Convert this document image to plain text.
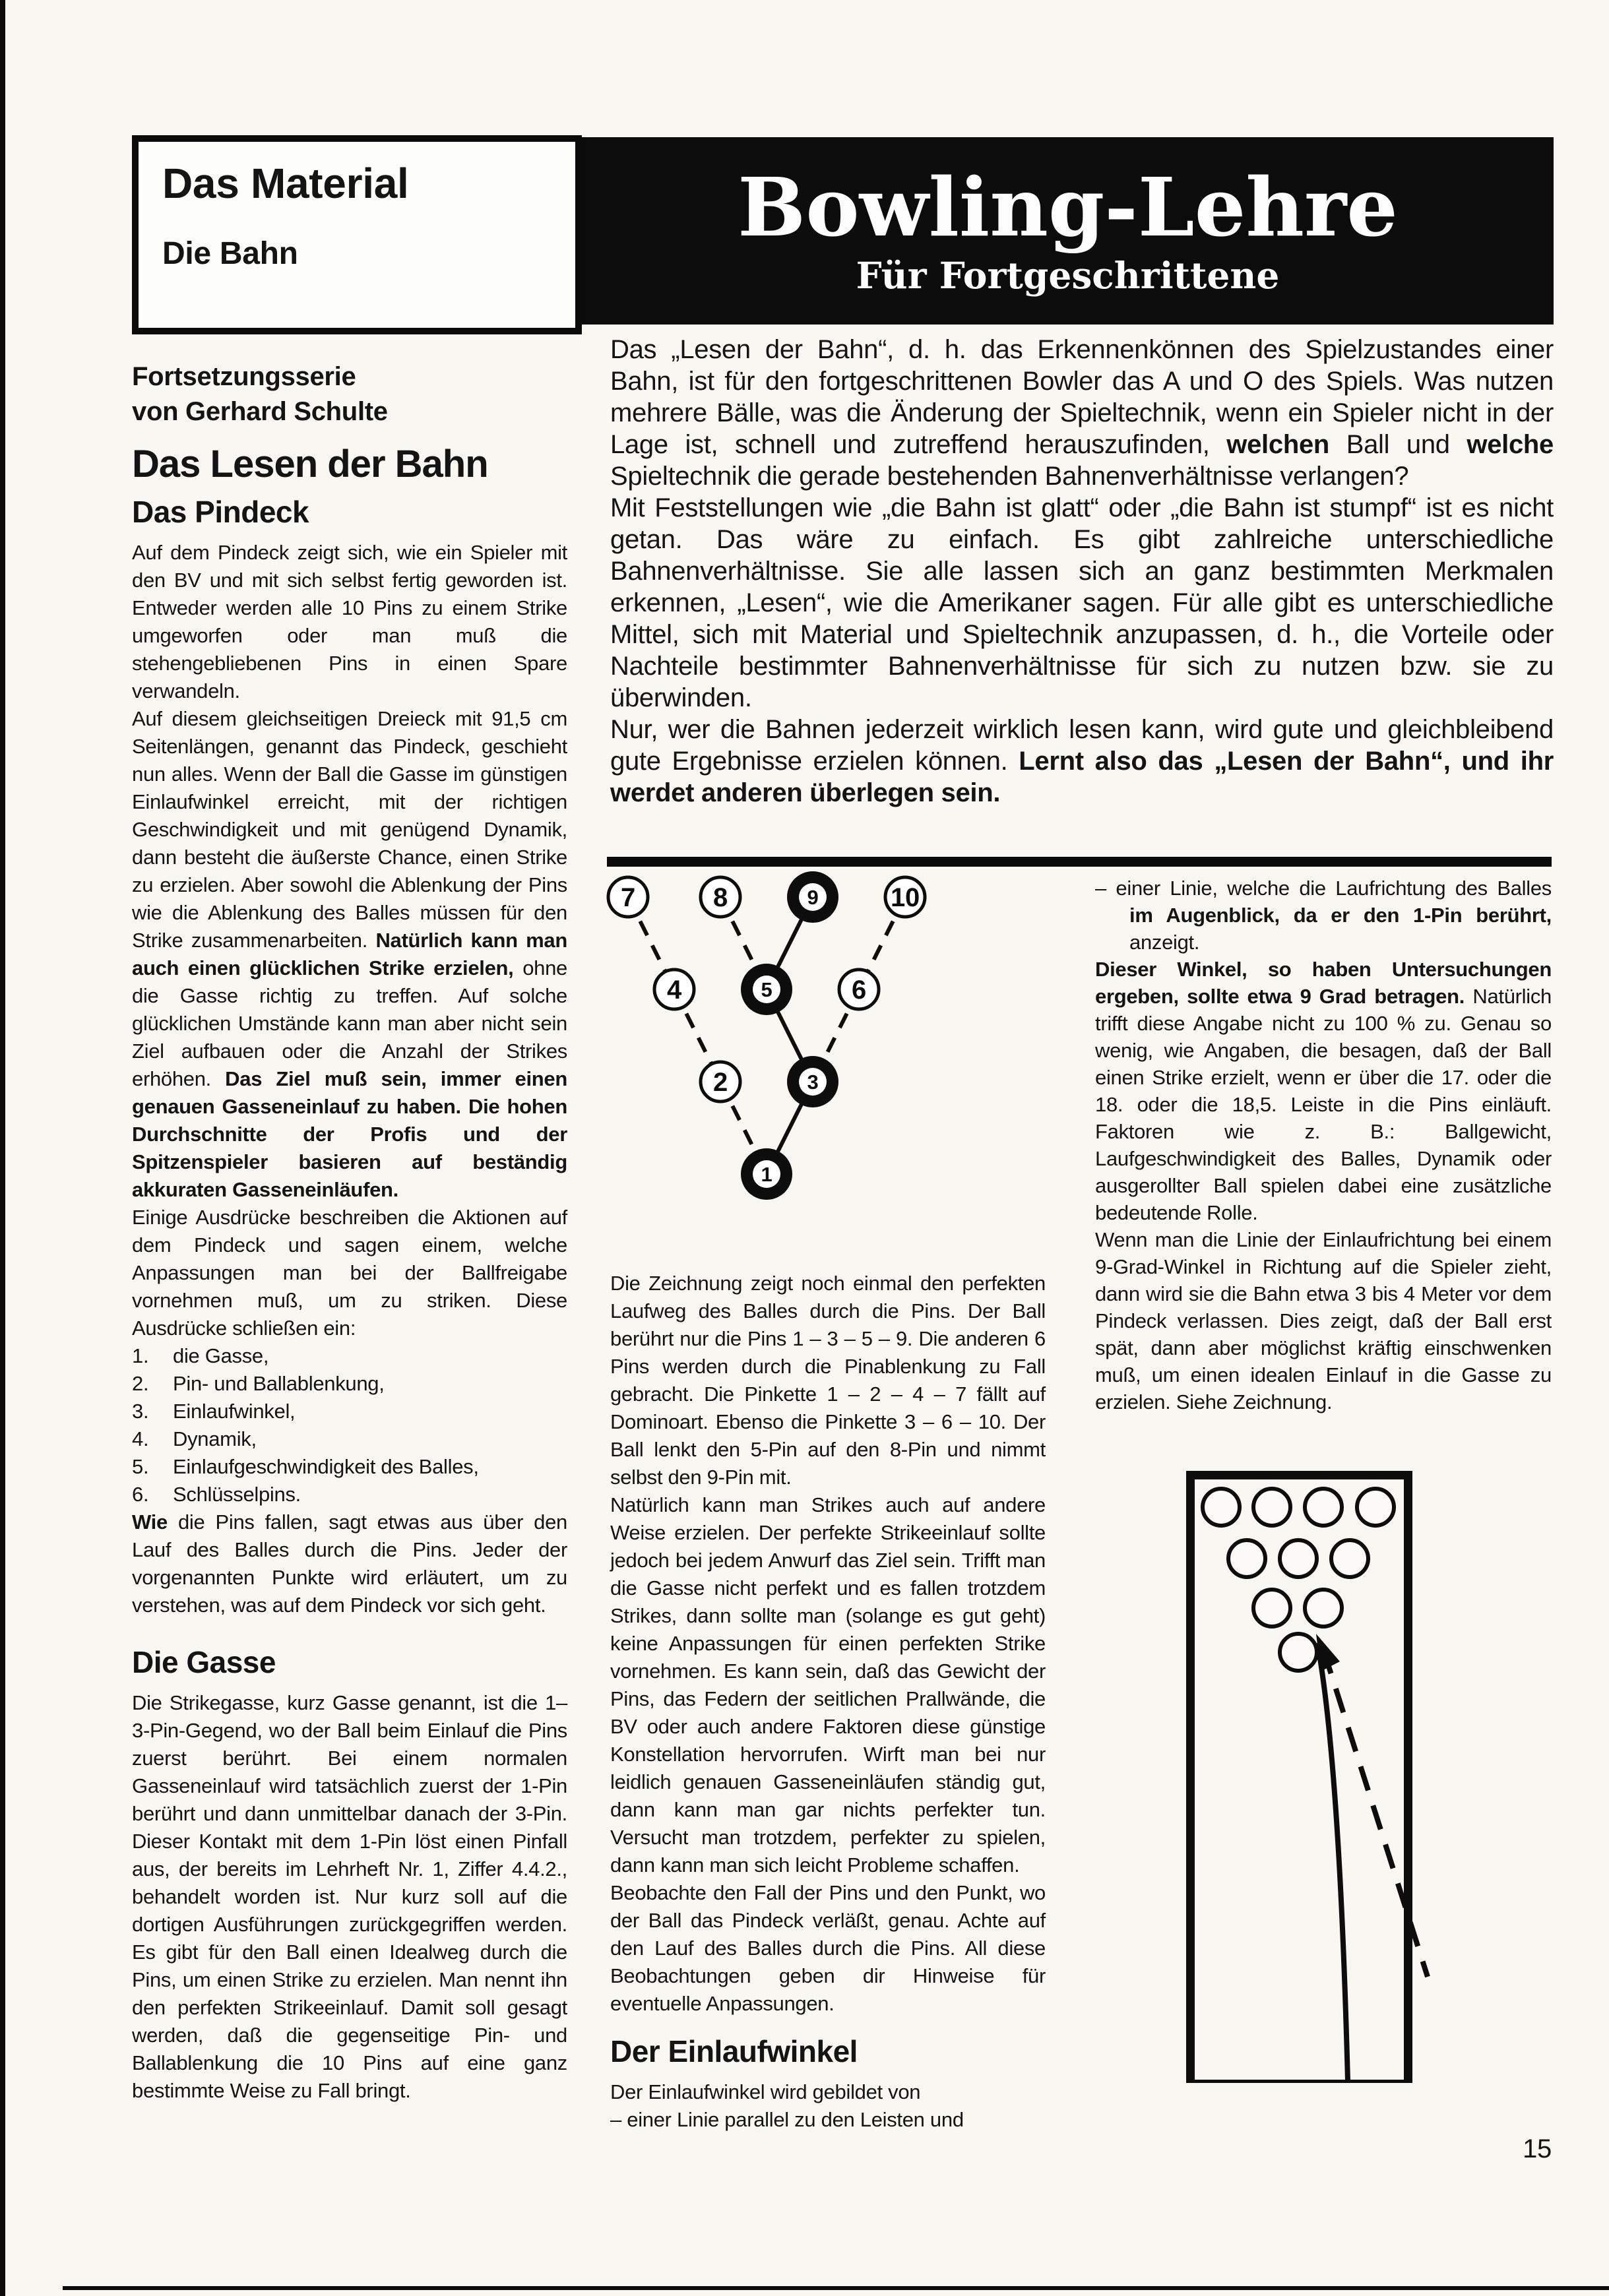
Das Material
Die Bahn	Bowling-Lehre
Für Fortgeschrittene

Das „Lesen der Bahn“, d. h. das Erkennenkönnen des Spielzustandes einer Bahn, ist für den fortgeschrittenen Bowler das A und O des Spiels. Was nutzen mehrere Bälle, was die Änderung der Spieltechnik, wenn ein Spieler nicht in der Lage ist, schnell und zutreffend herauszufinden, welchen Ball und welche Spieltechnik die gerade bestehenden Bahnenverhältnisse verlangen?

Mit Feststellungen wie „die Bahn ist glatt“ oder „die Bahn ist stumpf“ ist es nicht getan. Das wäre zu einfach. Es gibt zahlreiche unterschiedliche Bahnenverhältnisse. Sie alle lassen sich an ganz bestimmten Merkmalen erkennen, „Lesen“, wie die Amerikaner sagen. Für alle gibt es unterschiedliche Mittel, sich mit Material und Spieltechnik anzupassen, d. h., die Vorteile oder Nachteile bestimmter Bahnenverhältnisse für sich zu nutzen bzw. sie zu überwinden.

Nur, wer die Bahnen jederzeit wirklich lesen kann, wird gute und gleichbleibend gute Ergebnisse erzielen können. Lernt also das „Lesen der Bahn“, und ihr werdet anderen überlegen sein.

Fortsetzungsserie
von Gerhard Schulte
Das Lesen der Bahn
Das Pindeck

Auf dem Pindeck zeigt sich, wie ein Spieler mit den BV und mit sich selbst fertig geworden ist. Entweder werden alle 10 Pins zu einem Strike umgeworfen oder man muß die stehengebliebenen Pins in einen Spare verwandeln.

Auf diesem gleichseitigen Dreieck mit 91,5 cm Seitenlängen, genannt das Pindeck, geschieht nun alles. Wenn der Ball die Gasse im günstigen Einlaufwinkel erreicht, mit der richtigen Geschwindigkeit und mit genügend Dynamik, dann besteht die äußerste Chance, einen Strike zu erzielen. Aber sowohl die Ablenkung der Pins wie die Ablenkung des Balles müssen für den Strike zusammenarbeiten. Natürlich kann man auch einen glücklichen Strike erzielen, ohne die Gasse richtig zu treffen. Auf solche glücklichen Umstände kann man aber nicht sein Ziel aufbauen oder die Anzahl der Strikes erhöhen. Das Ziel muß sein, immer einen genauen Gasseneinlauf zu haben. Die hohen Durchschnitte der Profis und der Spitzenspieler basieren auf beständig akkuraten Gasseneinläufen.

Einige Ausdrücke beschreiben die Aktionen auf dem Pindeck und sagen einem, welche Anpassungen man bei der Ballfreigabe vornehmen muß, um zu striken. Diese Ausdrücke schließen ein:

1.	die Gasse,
2.	Pin- und Ballablenkung,
3.	Einlaufwinkel,
4.	Dynamik,
5.	Einlaufgeschwindigkeit des Balles,
6.	Schlüsselpins.

Wie die Pins fallen, sagt etwas aus über den Lauf des Balles durch die Pins. Jeder der vorgenannten Punkte wird erläutert, um zu verstehen, was auf dem Pindeck vor sich geht.

Die Gasse

Die Strikegasse, kurz Gasse genannt, ist die 1–3-Pin-Gegend, wo der Ball beim Einlauf die Pins zuerst berührt. Bei einem normalen Gasseneinlauf wird tatsächlich zuerst der 1-Pin berührt und dann unmittelbar danach der 3-Pin. Dieser Kontakt mit dem 1-Pin löst einen Pinfall aus, der bereits im Lehrheft Nr. 1, Ziffer 4.4.2., behandelt worden ist. Nur kurz soll auf die dortigen Ausführungen zurückgegriffen werden. Es gibt für den Ball einen Idealweg durch die Pins, um einen Strike zu erzielen. Man nennt ihn den perfekten Strikeeinlauf. Damit soll gesagt werden, daß die gegenseitige Pin- und Ballablenkung die 10 Pins auf eine ganz bestimmte Weise zu Fall bringt.

7	8	9	10
4	5	6
2	3
1

Die Zeichnung zeigt noch einmal den perfekten Laufweg des Balles durch die Pins. Der Ball berührt nur die Pins 1 – 3 – 5 – 9. Die anderen 6 Pins werden durch die Pinablenkung zu Fall gebracht. Die Pinkette 1 – 2 – 4 – 7 fällt auf Dominoart. Ebenso die Pinkette 3 – 6 – 10. Der Ball lenkt den 5-Pin auf den 8-Pin und nimmt selbst den 9-Pin mit.

Natürlich kann man Strikes auch auf andere Weise erzielen. Der perfekte Strikeeinlauf sollte jedoch bei jedem Anwurf das Ziel sein. Trifft man die Gasse nicht perfekt und es fallen trotzdem Strikes, dann sollte man (solange es gut geht) keine Anpassungen für einen perfekten Strike vornehmen. Es kann sein, daß das Gewicht der Pins, das Federn der seitlichen Prallwände, die BV oder auch andere Faktoren diese günstige Konstellation hervorrufen. Wirft man bei nur leidlich genauen Gasseneinläufen ständig gut, dann kann man gar nichts perfekter tun. Versucht man trotzdem, perfekter zu spielen, dann kann man sich leicht Probleme schaffen.

Beobachte den Fall der Pins und den Punkt, wo der Ball das Pindeck verläßt, genau. Achte auf den Lauf des Balles durch die Pins. All diese Beobachtungen geben dir Hinweise für eventuelle Anpassungen.

Der Einlaufwinkel

Der Einlaufwinkel wird gebildet von

– einer Linie parallel zu den Leisten und

– einer Linie, welche die Laufrichtung des Balles im Augenblick, da er den 1-Pin berührt, anzeigt.

Dieser Winkel, so haben Untersuchungen ergeben, sollte etwa 9 Grad betragen. Natürlich trifft diese Angabe nicht zu 100 % zu. Genau so wenig, wie Angaben, die besagen, daß der Ball einen Strike erzielt, wenn er über die 17. oder die 18. oder die 18,5. Leiste in die Pins einläuft. Faktoren wie z. B.: Ballgewicht, Laufgeschwindigkeit des Balles, Dynamik oder ausgerollter Ball spielen dabei eine zusätzliche bedeutende Rolle.

Wenn man die Linie der Einlaufrichtung bei einem 9-Grad-Winkel in Richtung auf die Spieler zieht, dann wird sie die Bahn etwa 3 bis 4 Meter vor dem Pindeck verlassen. Dies zeigt, daß der Ball erst spät, dann aber möglichst kräftig einschwenken muß, um einen idealen Einlauf in die Gasse zu erzielen. Siehe Zeichnung.

15
